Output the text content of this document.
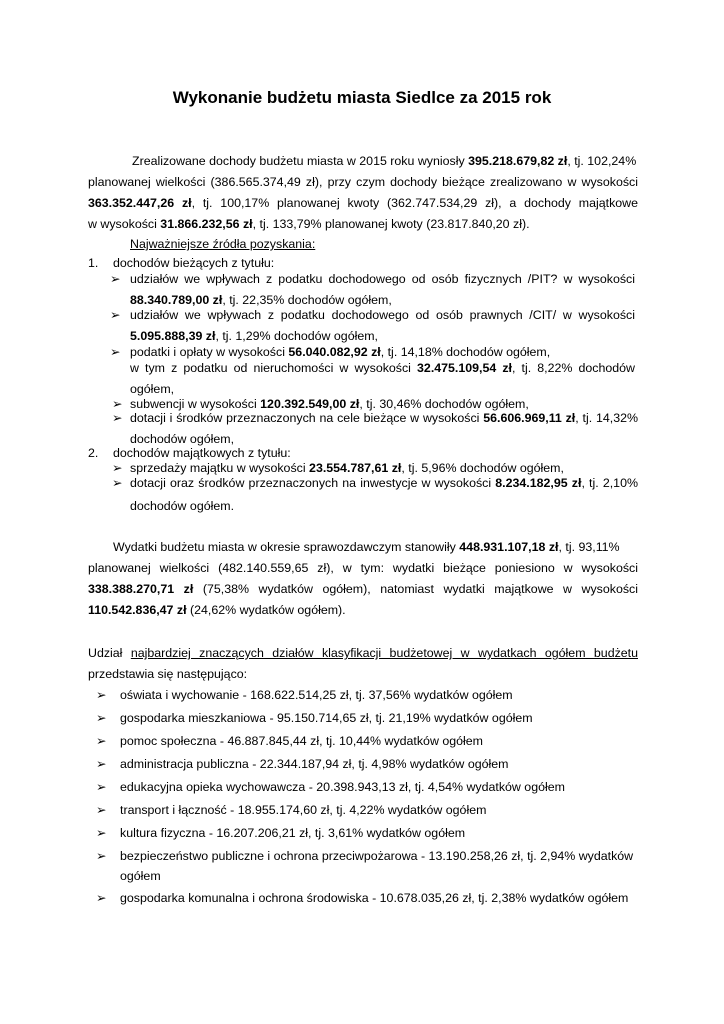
Wykonanie budżetu miasta Siedlce za 2015 rok
Zrealizowane dochody budżetu miasta w 2015 roku wyniosły 395.218.679,82 zł, tj. 102,24%
planowanej wielkości (386.565.374,49 zł), przy czym dochody bieżące zrealizowano w wysokości
363.352.447,26 zł, tj. 100,17% planowanej kwoty (362.747.534,29 zł), a dochody majątkowe
w wysokości 31.866.232,56 zł, tj. 133,79% planowanej kwoty (23.817.840,20 zł).
Najważniejsze źródła pozyskania:
1. dochodów bieżących z tytułu:
➢ udziałów we wpływach z podatku dochodowego od osób fizycznych /PIT? w wysokości
88.340.789,00 zł, tj. 22,35% dochodów ogółem,
➢ udziałów we wpływach z podatku dochodowego od osób prawnych /CIT/ w wysokości
5.095.888,39 zł, tj. 1,29% dochodów ogółem,
➢ podatki i opłaty w wysokości 56.040.082,92 zł, tj. 14,18% dochodów ogółem,
w tym z podatku od nieruchomości w wysokości 32.475.109,54 zł, tj. 8,22% dochodów
ogółem,
➢ subwencji w wysokości 120.392.549,00 zł, tj. 30,46% dochodów ogółem,
➢ dotacji i środków przeznaczonych na cele bieżące w wysokości 56.606.969,11 zł, tj. 14,32%
dochodów ogółem,
2. dochodów majątkowych z tytułu:
➢ sprzedaży majątku w wysokości 23.554.787,61 zł, tj. 5,96% dochodów ogółem,
➢ dotacji oraz środków przeznaczonych na inwestycje w wysokości 8.234.182,95 zł, tj. 2,10%
dochodów ogółem.
Wydatki budżetu miasta w okresie sprawozdawczym stanowiły 448.931.107,18 zł, tj. 93,11%
planowanej wielkości (482.140.559,65 zł), w tym: wydatki bieżące poniesiono w wysokości
338.388.270,71 zł (75,38% wydatków ogółem), natomiast wydatki majątkowe w wysokości
110.542.836,47 zł (24,62% wydatków ogółem).
Udział najbardziej znaczących działów klasyfikacji budżetowej w wydatkach ogółem budżetu
przedstawia się następująco:
➢ oświata i wychowanie - 168.622.514,25 zł, tj. 37,56% wydatków ogółem
➢ gospodarka mieszkaniowa - 95.150.714,65 zł, tj. 21,19% wydatków ogółem
➢ pomoc społeczna - 46.887.845,44 zł, tj. 10,44% wydatków ogółem
➢ administracja publiczna - 22.344.187,94 zł, tj. 4,98% wydatków ogółem
➢ edukacyjna opieka wychowawcza - 20.398.943,13 zł, tj. 4,54% wydatków ogółem
➢ transport i łączność - 18.955.174,60 zł, tj. 4,22% wydatków ogółem
➢ kultura fizyczna - 16.207.206,21 zł, tj. 3,61% wydatków ogółem
➢ bezpieczeństwo publiczne i ochrona przeciwpożarowa - 13.190.258,26 zł, tj. 2,94% wydatków
ogółem
➢ gospodarka komunalna i ochrona środowiska - 10.678.035,26 zł, tj. 2,38% wydatków ogółem
